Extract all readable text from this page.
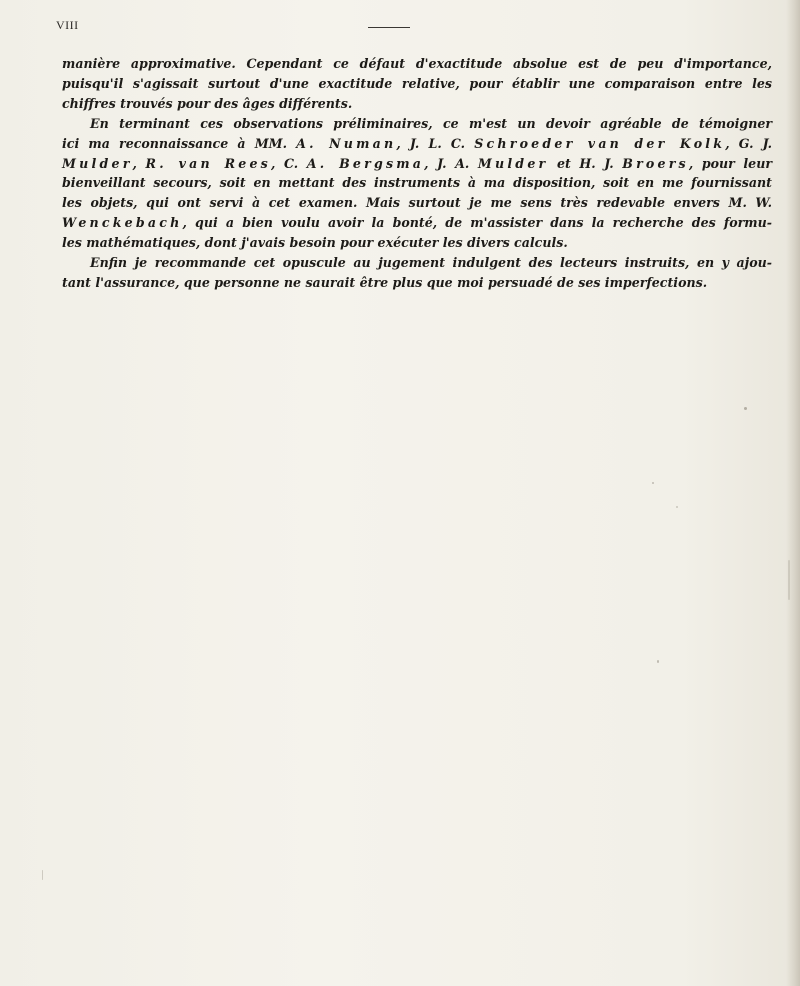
VIII

manière approximative. Cependant ce défaut d'exactitude absolue est de peu d'importance,

puisqu'il s'agissait surtout d'une exactitude relative, pour établir une comparaison entre les

chiffres trouvés pour des âges différents.

En terminant ces observations préliminaires, ce m'est un devoir agréable de témoigner

ici ma reconnaissance à MM. A. Numan, J. L. C. Schroeder van der Kolk, G. J.

Mulder, R. van Rees, C. A. Bergsma, J. A. Mulder et H. J. Broers, pour leur

bienveillant secours, soit en mettant des instruments à ma disposition, soit en me fournissant

les objets, qui ont servi à cet examen. Mais surtout je me sens très redevable envers M. W.

Wenckebach, qui a bien voulu avoir la bonté, de m'assister dans la recherche des formu-

les mathématiques, dont j'avais besoin pour exécuter les divers calculs.

Enfin je recommande cet opuscule au jugement indulgent des lecteurs instruits, en y ajou-

tant l'assurance, que personne ne saurait être plus que moi persuadé de ses imperfections.
